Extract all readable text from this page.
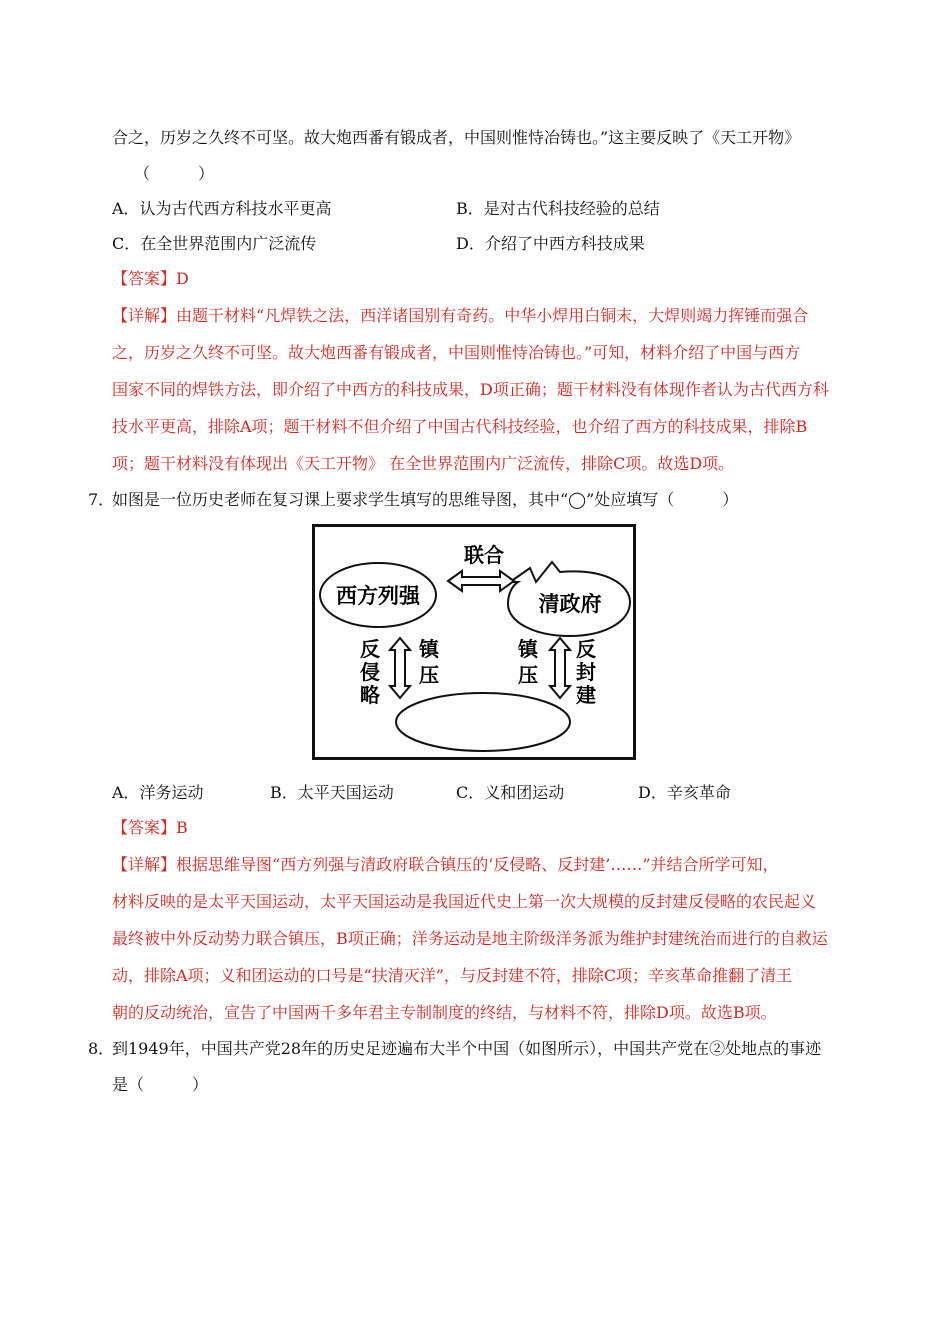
合之，历岁之久终不可坚。故大炮西番有锻成者，中国则惟恃冶铸也。”这主要反映了《天工开物》
（　　　）
A．认为古代西方科技水平更高	B．是对古代科技经验的总结
C．在全世界范围内广泛流传	D．介绍了中西方科技成果
【答案】D
【详解】由题干材料“凡焊铁之法，西洋诸国别有奇药。中华小焊用白铜末，大焊则竭力挥锤而强合
之，历岁之久终不可坚。故大炮西番有锻成者，中国则惟恃冶铸也。”可知，材料介绍了中国与西方
国家不同的焊铁方法，即介绍了中西方的科技成果，D项正确；题干材料没有体现作者认为古代西方科
技水平更高，排除A项；题干材料不但介绍了中国古代科技经验，也介绍了西方的科技成果，排除B
项；题干材料没有体现出《天工开物》 在全世界范围内广泛流传，排除C项。故选D项。
7．
如图是一位历史老师在复习课上要求学生填写的思维导图，其中“◯”处应填写（　　　）
西方列强	清政府
联合
反
侵
略
镇
压
镇
压
反
封
建
A．洋务运动	B．太平天国运动	C．义和团运动	D．辛亥革命
【答案】B
【详解】根据思维导图“西方列强与清政府联合镇压的‘反侵略、反封建’……”并结合所学可知，
材料反映的是太平天国运动，太平天国运动是我国近代史上第一次大规模的反封建反侵略的农民起义
最终被中外反动势力联合镇压，B项正确；洋务运动是地主阶级洋务派为维护封建统治而进行的自救运
动，排除A项；义和团运动的口号是“扶清灭洋”，与反封建不符，排除C项；辛亥革命推翻了清王
朝的反动统治，宣告了中国两千多年君主专制制度的终结，与材料不符，排除D项。故选B项。
8．
到1949年，中国共产党28年的历史足迹遍布大半个中国（如图所示），中国共产党在②处地点的事迹
是（　　　）
